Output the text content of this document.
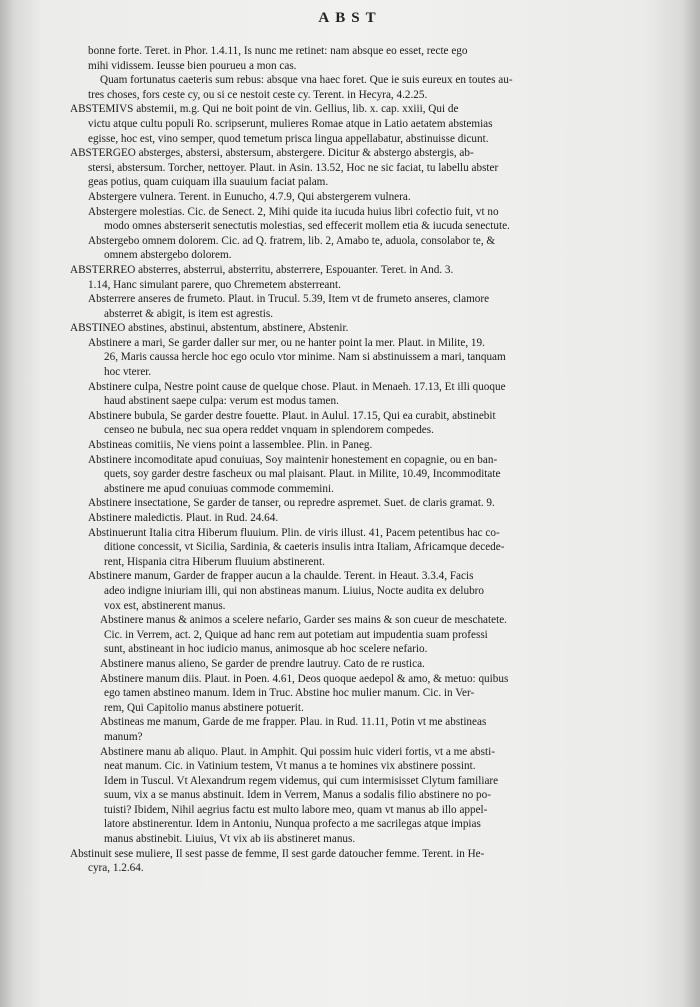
ABST
bonne forte. Teret. in Phor. 1.4.11, Is nunc me retinet: nam absque eo esset, recte ego
mihi vidissem. Ieusse bien pourueu a mon cas.
Quam fortunatus caeteris sum rebus: absque vna haec foret. Que ie suis eureux en toutes au-
tres choses, fors ceste cy, ou si ce nestoit ceste cy. Terent. in Hecyra, 4.2.25.
ABSTEMIVS abstemii, m.g. Qui ne boit point de vin. Gellius, lib. x. cap. xxiii, Qui de
victu atque cultu populi Ro. scripserunt, mulieres Romae atque in Latio aetatem abstemias
egisse, hoc est, vino semper, quod temetum prisca lingua appellabatur, abstinuisse dicunt.
ABSTERGEO absterges, abstersi, abstersum, abstergere. Dicitur & abstergo abstergis, ab-
stersi, abstersum. Torcher, nettoyer. Plaut. in Asin. 13.52, Hoc ne sic faciat, tu labellu abster
geas potius, quam cuiquam illa suauium faciat palam.
Abstergere vulnera. Terent. in Eunucho, 4.7.9, Qui abstergerem vulnera.
Abstergere molestias. Cic. de Senect. 2, Mihi quide ita iucuda huius libri cofectio fuit, vt no
modo omnes absterserit senectutis molestias, sed effecerit mollem etia & iucuda senectute.
Abstergebo omnem dolorem. Cic. ad Q. fratrem, lib. 2, Amabo te, aduola, consolabor te, &
omnem abstergebo dolorem.
ABSTERREO absterres, absterrui, absterritu, absterrere, Espouanter. Teret. in And. 3.
1.14, Hanc simulant parere, quo Chremetem absterreant.
Absterrere anseres de frumeto. Plaut. in Trucul. 5.39, Item vt de frumeto anseres, clamore
absterret & abigit, is item est agrestis.
ABSTINEO abstines, abstinui, abstentum, abstinere, Abstenir.
Abstinere a mari, Se garder daller sur mer, ou ne hanter point la mer. Plaut. in Milite, 19.
26, Maris caussa hercle hoc ego oculo vtor minime. Nam si abstinuissem a mari, tanquam
hoc vterer.
Abstinere culpa, Nestre point cause de quelque chose. Plaut. in Menaeh. 17.13, Et illi quoque
haud abstinent saepe culpa: verum est modus tamen.
Abstinere bubula, Se garder destre fouette. Plaut. in Aulul. 17.15, Qui ea curabit, abstinebit
censeo ne bubula, nec sua opera reddet vnquam in splendorem compedes.
Abstineas comitiis, Ne viens point a lassemblee. Plin. in Paneg.
Abstinere incomoditate apud conuiuas, Soy maintenir honestement en copagnie, ou en ban-
quets, soy garder destre fascheux ou mal plaisant. Plaut. in Milite, 10.49, Incommoditate
abstinere me apud conuiuas commode commemini.
Abstinere insectatione, Se garder de tanser, ou repredre aspremet. Suet. de claris gramat. 9.
Abstinere maledictis. Plaut. in Rud. 24.64.
Abstinuerunt Italia citra Hiberum fluuium. Plin. de viris illust. 41, Pacem petentibus hac co-
ditione concessit, vt Sicilia, Sardinia, & caeteris insulis intra Italiam, Africamque decede-
rent, Hispania citra Hiberum fluuium abstinerent.
Abstinere manum, Garder de frapper aucun a la chaulde. Terent. in Heaut. 3.3.4, Facis
adeo indigne iniuriam illi, qui non abstineas manum. Liuius, Nocte audita ex delubro
vox est, abstinerent manus.
Abstinere manus & animos a scelere nefario, Garder ses mains & son cueur de meschatete.
Cic. in Verrem, act. 2, Quique ad hanc rem aut potetiam aut impudentia suam professi
sunt, abstineant in hoc iudicio manus, animosque ab hoc scelere nefario.
Abstinere manus alieno, Se garder de prendre lautruy. Cato de re rustica.
Abstinere manum diis. Plaut. in Poen. 4.61, Deos quoque aedepol & amo, & metuo: quibus
ego tamen abstineo manum. Idem in Truc. Abstine hoc mulier manum. Cic. in Ver-
rem, Qui Capitolio manus abstinere potuerit.
Abstineas me manum, Garde de me frapper. Plau. in Rud. 11.11, Potin vt me abstineas
manum?
Abstinere manu ab aliquo. Plaut. in Amphit. Qui possim huic videri fortis, vt a me absti-
neat manum. Cic. in Vatinium testem, Vt manus a te homines vix abstinere possint.
Idem in Tuscul. Vt Alexandrum regem videmus, qui cum intermisisset Clytum familiare
suum, vix a se manus abstinuit. Idem in Verrem, Manus a sodalis filio abstinere no po-
tuisti? Ibidem, Nihil aegrius factu est multo labore meo, quam vt manus ab illo appel-
latore abstinerentur. Idem in Antoniu, Nunqua profecto a me sacrilegas atque impias
manus abstinebit. Liuius, Vt vix ab iis abstineret manus.
Abstinuit sese muliere, Il sest passe de femme, Il sest garde datoucher femme. Terent. in He-
cyra, 1.2.64.
